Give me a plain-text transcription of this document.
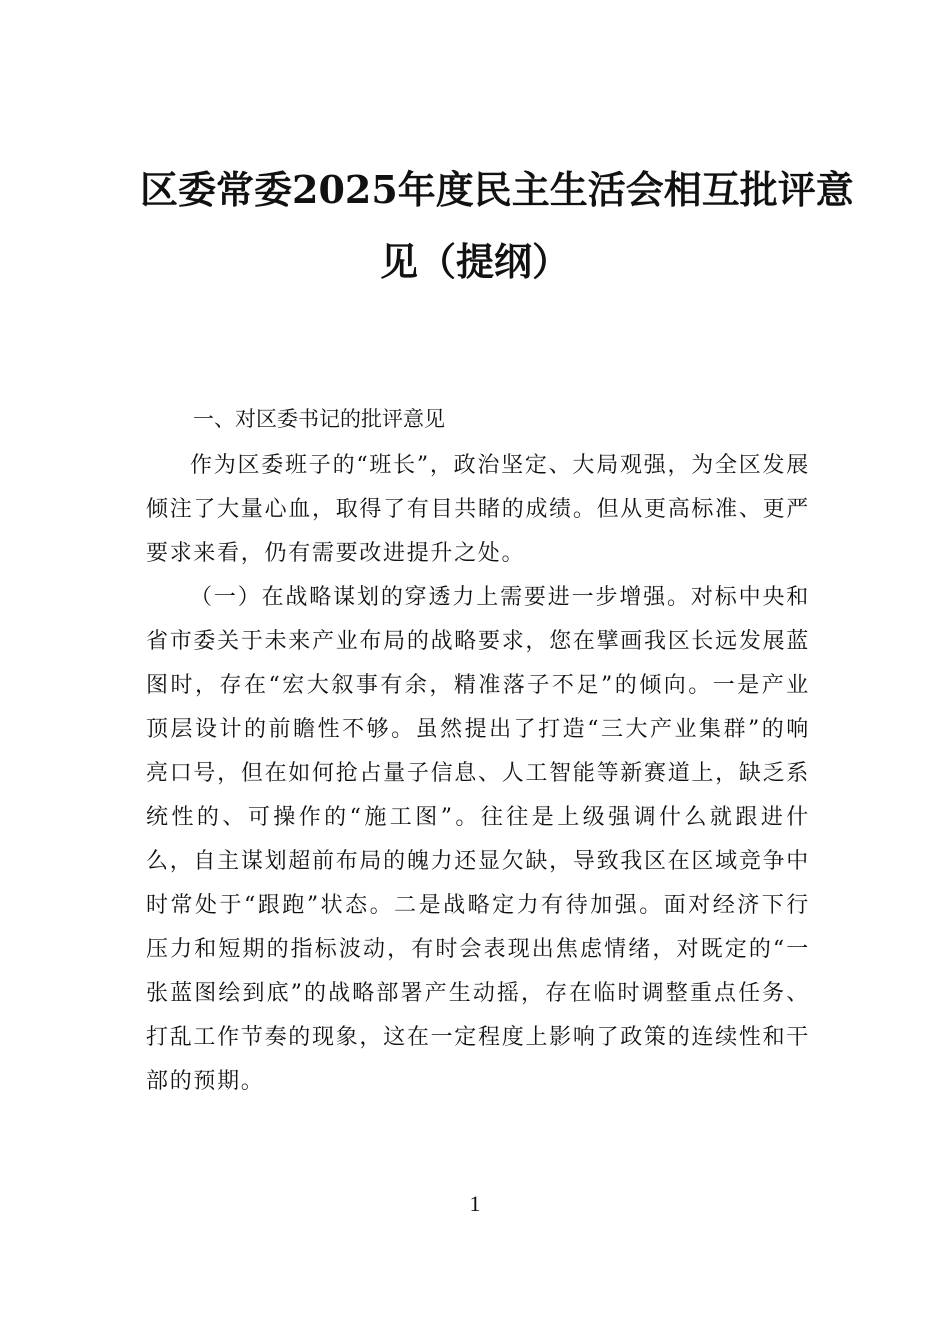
区委常委2025年度民主生活会相互批评意
见（提纲）
一、对区委书记的批评意见

作为区委班子的“班长”，政治坚定、大局观强，为全区发展倾注了大量心血，取得了有目共睹的成绩。但从更高标准、更严要求来看，仍有需要改进提升之处。

（一）在战略谋划的穿透力上需要进一步增强。对标中央和省市委关于未来产业布局的战略要求，您在擘画我区长远发展蓝图时，存在“宏大叙事有余，精准落子不足”的倾向。一是产业顶层设计的前瞻性不够。虽然提出了打造“三大产业集群”的响亮口号，但在如何抢占量子信息、人工智能等新赛道上，缺乏系统性的、可操作的“施工图”。往往是上级强调什么就跟进什么，自主谋划超前布局的魄力还显欠缺，导致我区在区域竞争中时常处于“跟跑”状态。二是战略定力有待加强。面对经济下行压力和短期的指标波动，有时会表现出焦虑情绪，对既定的“一张蓝图绘到底”的战略部署产生动摇，存在临时调整重点任务、打乱工作节奏的现象，这在一定程度上影响了政策的连续性和干部的预期。

1
